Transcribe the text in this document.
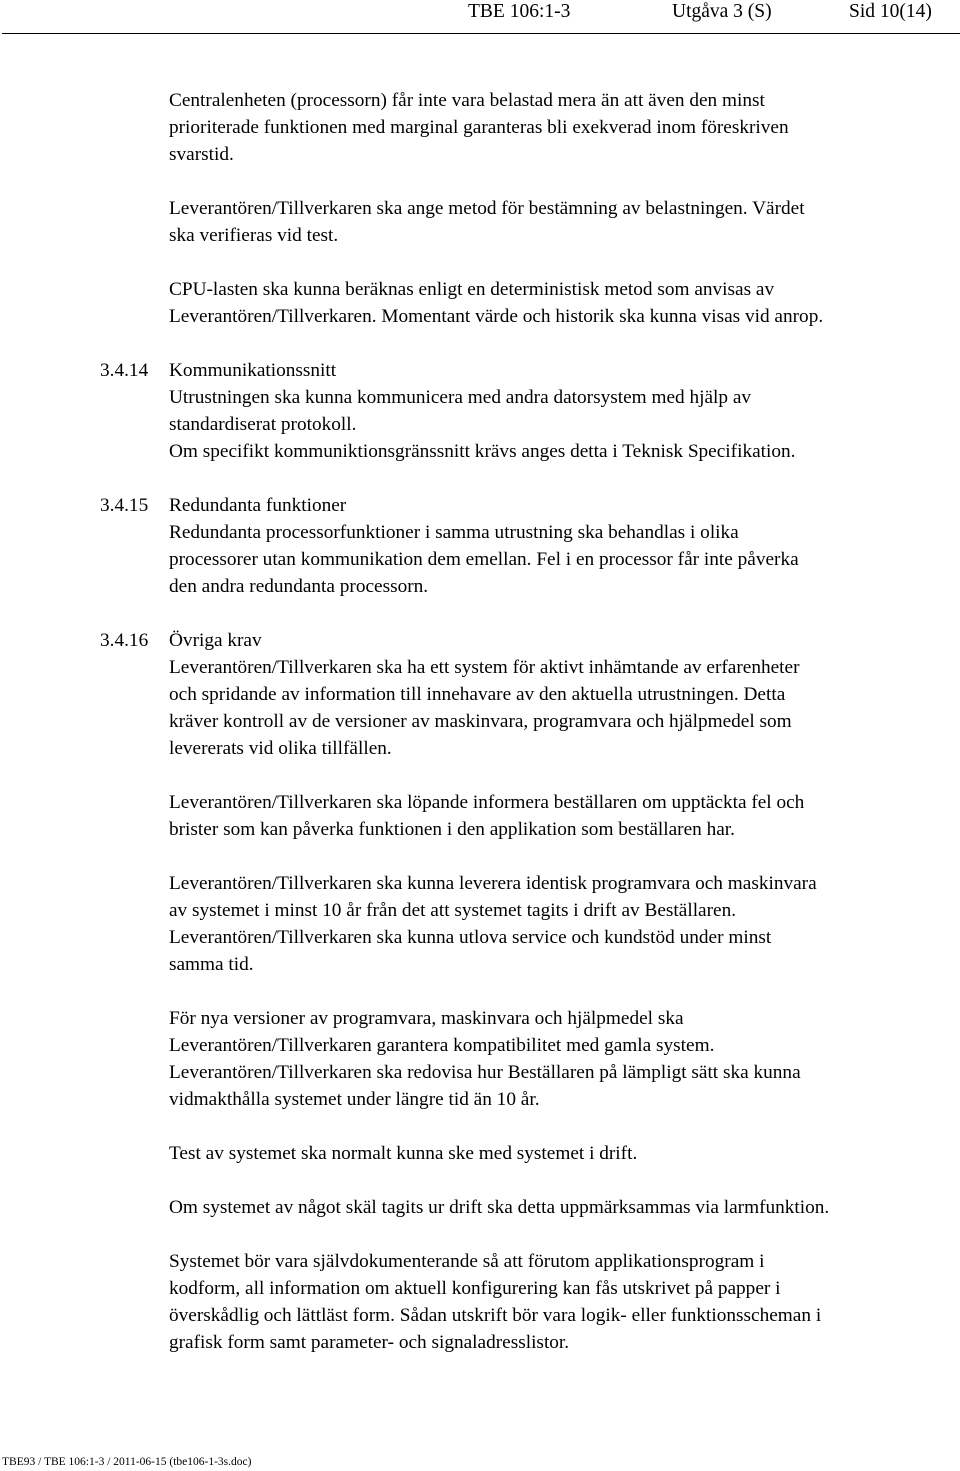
TBE 106:1-3	Utgåva 3 (S)	Sid 10(14)

Centralenheten (processorn) får inte vara belastad mera än att även den minst
prioriterade funktionen med marginal garanteras bli exekverad inom föreskriven
svarstid.

Leverantören/Tillverkaren ska ange metod för bestämning av belastningen. Värdet
ska verifieras vid test.

CPU-lasten ska kunna beräknas enligt en deterministisk metod som anvisas av
Leverantören/Tillverkaren. Momentant värde och historik ska kunna visas vid anrop.

3.4.14 Kommunikationssnitt
Utrustningen ska kunna kommunicera med andra datorsystem med hjälp av
standardiserat protokoll.
Om specifikt kommuniktionsgränssnitt krävs anges detta i Teknisk Specifikation.
3.4.15 Redundanta funktioner
Redundanta processorfunktioner i samma utrustning ska behandlas i olika
processorer utan kommunikation dem emellan. Fel i en processor får inte påverka
den andra redundanta processorn.
3.4.16 Övriga krav
Leverantören/Tillverkaren ska ha ett system för aktivt inhämtande av erfarenheter
och spridande av information till innehavare av den aktuella utrustningen. Detta
kräver kontroll av de versioner av maskinvara, programvara och hjälpmedel som
levererats vid olika tillfällen.

Leverantören/Tillverkaren ska löpande informera beställaren om upptäckta fel och
brister som kan påverka funktionen i den applikation som beställaren har.

Leverantören/Tillverkaren ska kunna leverera identisk programvara och maskinvara
av systemet i minst 10 år från det att systemet tagits i drift av Beställaren.
Leverantören/Tillverkaren ska kunna utlova service och kundstöd under minst
samma tid.

För nya versioner av programvara, maskinvara och hjälpmedel ska
Leverantören/Tillverkaren garantera kompatibilitet med gamla system.
Leverantören/Tillverkaren ska redovisa hur Beställaren på lämpligt sätt ska kunna
vidmakthålla systemet under längre tid än 10 år.

Test av systemet ska normalt kunna ske med systemet i drift.

Om systemet av något skäl tagits ur drift ska detta uppmärksammas via larmfunktion.

Systemet bör vara självdokumenterande så att förutom applikationsprogram i
kodform, all information om aktuell konfigurering kan fås utskrivet på papper i
överskådlig och lättläst form. Sådan utskrift bör vara logik- eller funktionsscheman i
grafisk form samt parameter- och signaladresslistor.

TBE93 / TBE 106:1-3 / 2011-06-15 (tbe106-1-3s.doc)
